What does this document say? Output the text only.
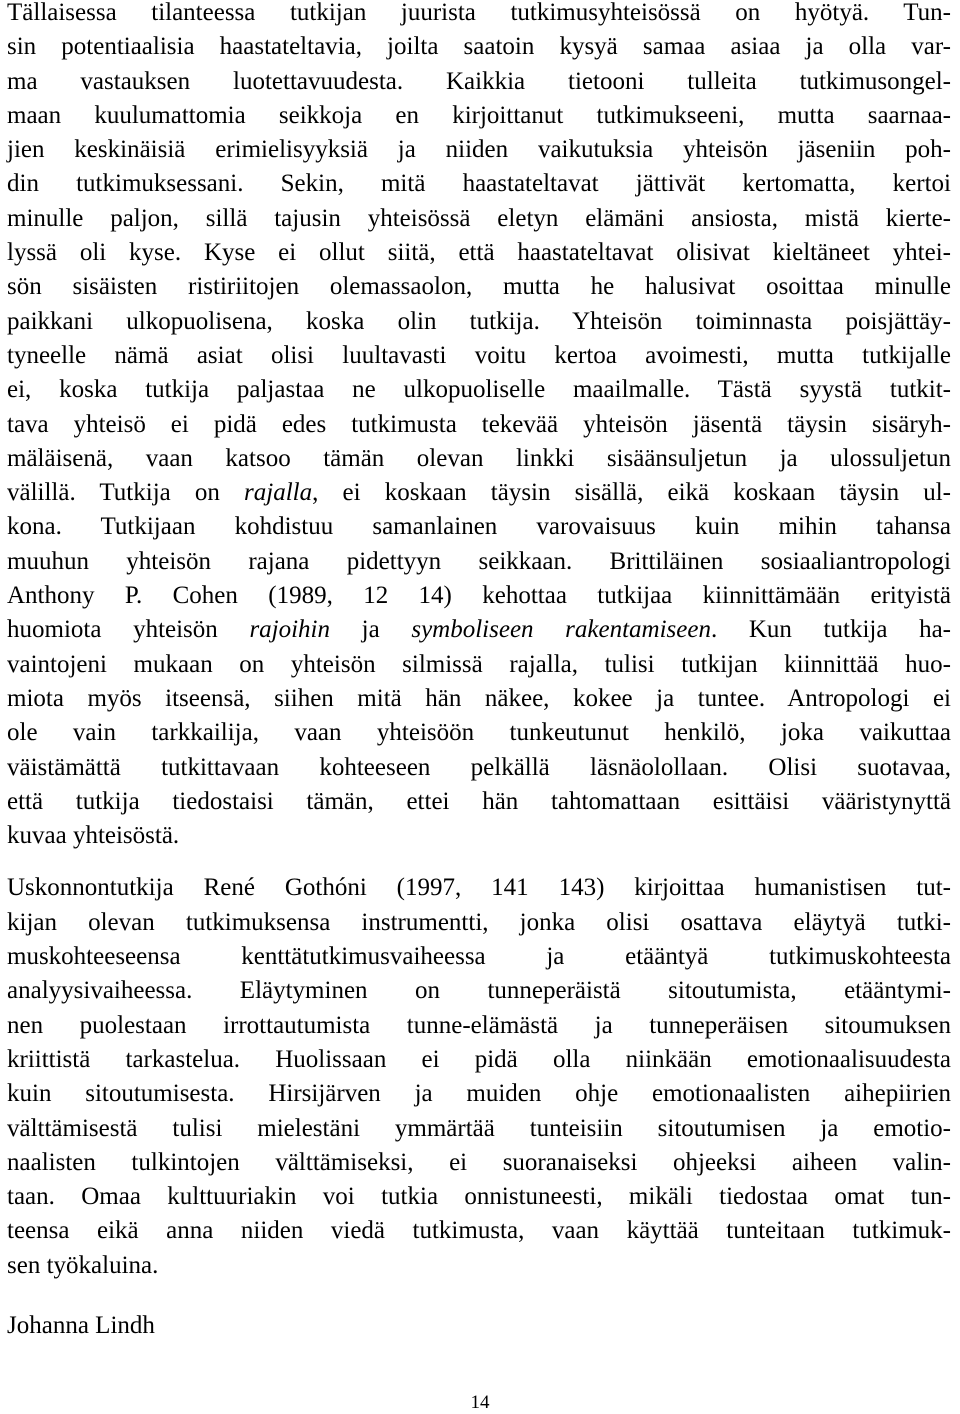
Tällaisessa tilanteessa tutkijan juurista tutkimusyhteisössä on hyötyä. Tun-
sin potentiaalisia haastateltavia, joilta saatoin kysyä samaa asiaa ja olla var-
ma vastauksen luotettavuudesta. Kaikkia tietooni tulleita tutkimusongel-
maan kuulumattomia seikkoja en kirjoittanut tutkimukseeni, mutta saarnaa-
jien keskinäisiä erimielisyyksiä ja niiden vaikutuksia yhteisön jäseniin poh-
din tutkimuksessani. Sekin, mitä haastateltavat jättivät kertomatta, kertoi
minulle paljon, sillä tajusin yhteisössä eletyn elämäni ansiosta, mistä kierte-
lyssä oli kyse. Kyse ei ollut siitä, että haastateltavat olisivat kieltäneet yhtei-
sön sisäisten ristiriitojen olemassaolon, mutta he halusivat osoittaa minulle
paikkani ulkopuolisena, koska olin tutkija. Yhteisön toiminnasta poisjättäy-
tyneelle nämä asiat olisi luultavasti voitu kertoa avoimesti, mutta tutkijalle
ei, koska tutkija paljastaa ne ulkopuoliselle maailmalle. Tästä syystä tutkit-
tava yhteisö ei pidä edes tutkimusta tekevää yhteisön jäsentä täysin sisäryh-
mäläisenä, vaan katsoo tämän olevan linkki sisäänsuljetun ja ulossuljetun
välillä. Tutkija on rajalla, ei koskaan täysin sisällä, eikä koskaan täysin ul-
kona. Tutkijaan kohdistuu samanlainen varovaisuus kuin mihin tahansa
muuhun yhteisön rajana pidettyyn seikkaan. Brittiläinen sosiaaliantropologi
Anthony P. Cohen (1989, 12 14) kehottaa tutkijaa kiinnittämään erityistä
huomiota yhteisön rajoihin ja symboliseen rakentamiseen. Kun tutkija ha-
vaintojeni mukaan on yhteisön silmissä rajalla, tulisi tutkijan kiinnittää huo-
miota myös itseensä, siihen mitä hän näkee, kokee ja tuntee. Antropologi ei
ole vain tarkkailija, vaan yhteisöön tunkeutunut henkilö, joka vaikuttaa
väistämättä tutkittavaan kohteeseen pelkällä läsnäolollaan. Olisi suotavaa,
että tutkija tiedostaisi tämän, ettei hän tahtomattaan esittäisi vääristynyttä
kuvaa yhteisöstä.
Uskonnontutkija René Gothóni (1997, 141 143) kirjoittaa humanistisen tut-
kijan olevan tutkimuksensa instrumentti, jonka olisi osattava eläytyä tutki-
muskohteeseensa kenttätutkimusvaiheessa ja etääntyä tutkimuskohteesta
analyysivaiheessa. Eläytyminen on tunneperäistä sitoutumista, etääntymi-
nen puolestaan irrottautumista tunne-elämästä ja tunneperäisen sitoumuksen
kriittistä tarkastelua. Huolissaan ei pidä olla niinkään emotionaalisuudesta
kuin sitoutumisesta. Hirsijärven ja muiden ohje emotionaalisten aihepiirien
välttämisestä tulisi mielestäni ymmärtää tunteisiin sitoutumisen ja emotio-
naalisten tulkintojen välttämiseksi, ei suoranaiseksi ohjeeksi aiheen valin-
taan. Omaa kulttuuriakin voi tutkia onnistuneesti, mikäli tiedostaa omat tun-
teensa eikä anna niiden viedä tutkimusta, vaan käyttää tunteitaan tutkimuk-
sen työkaluina.
Johanna Lindh
14
